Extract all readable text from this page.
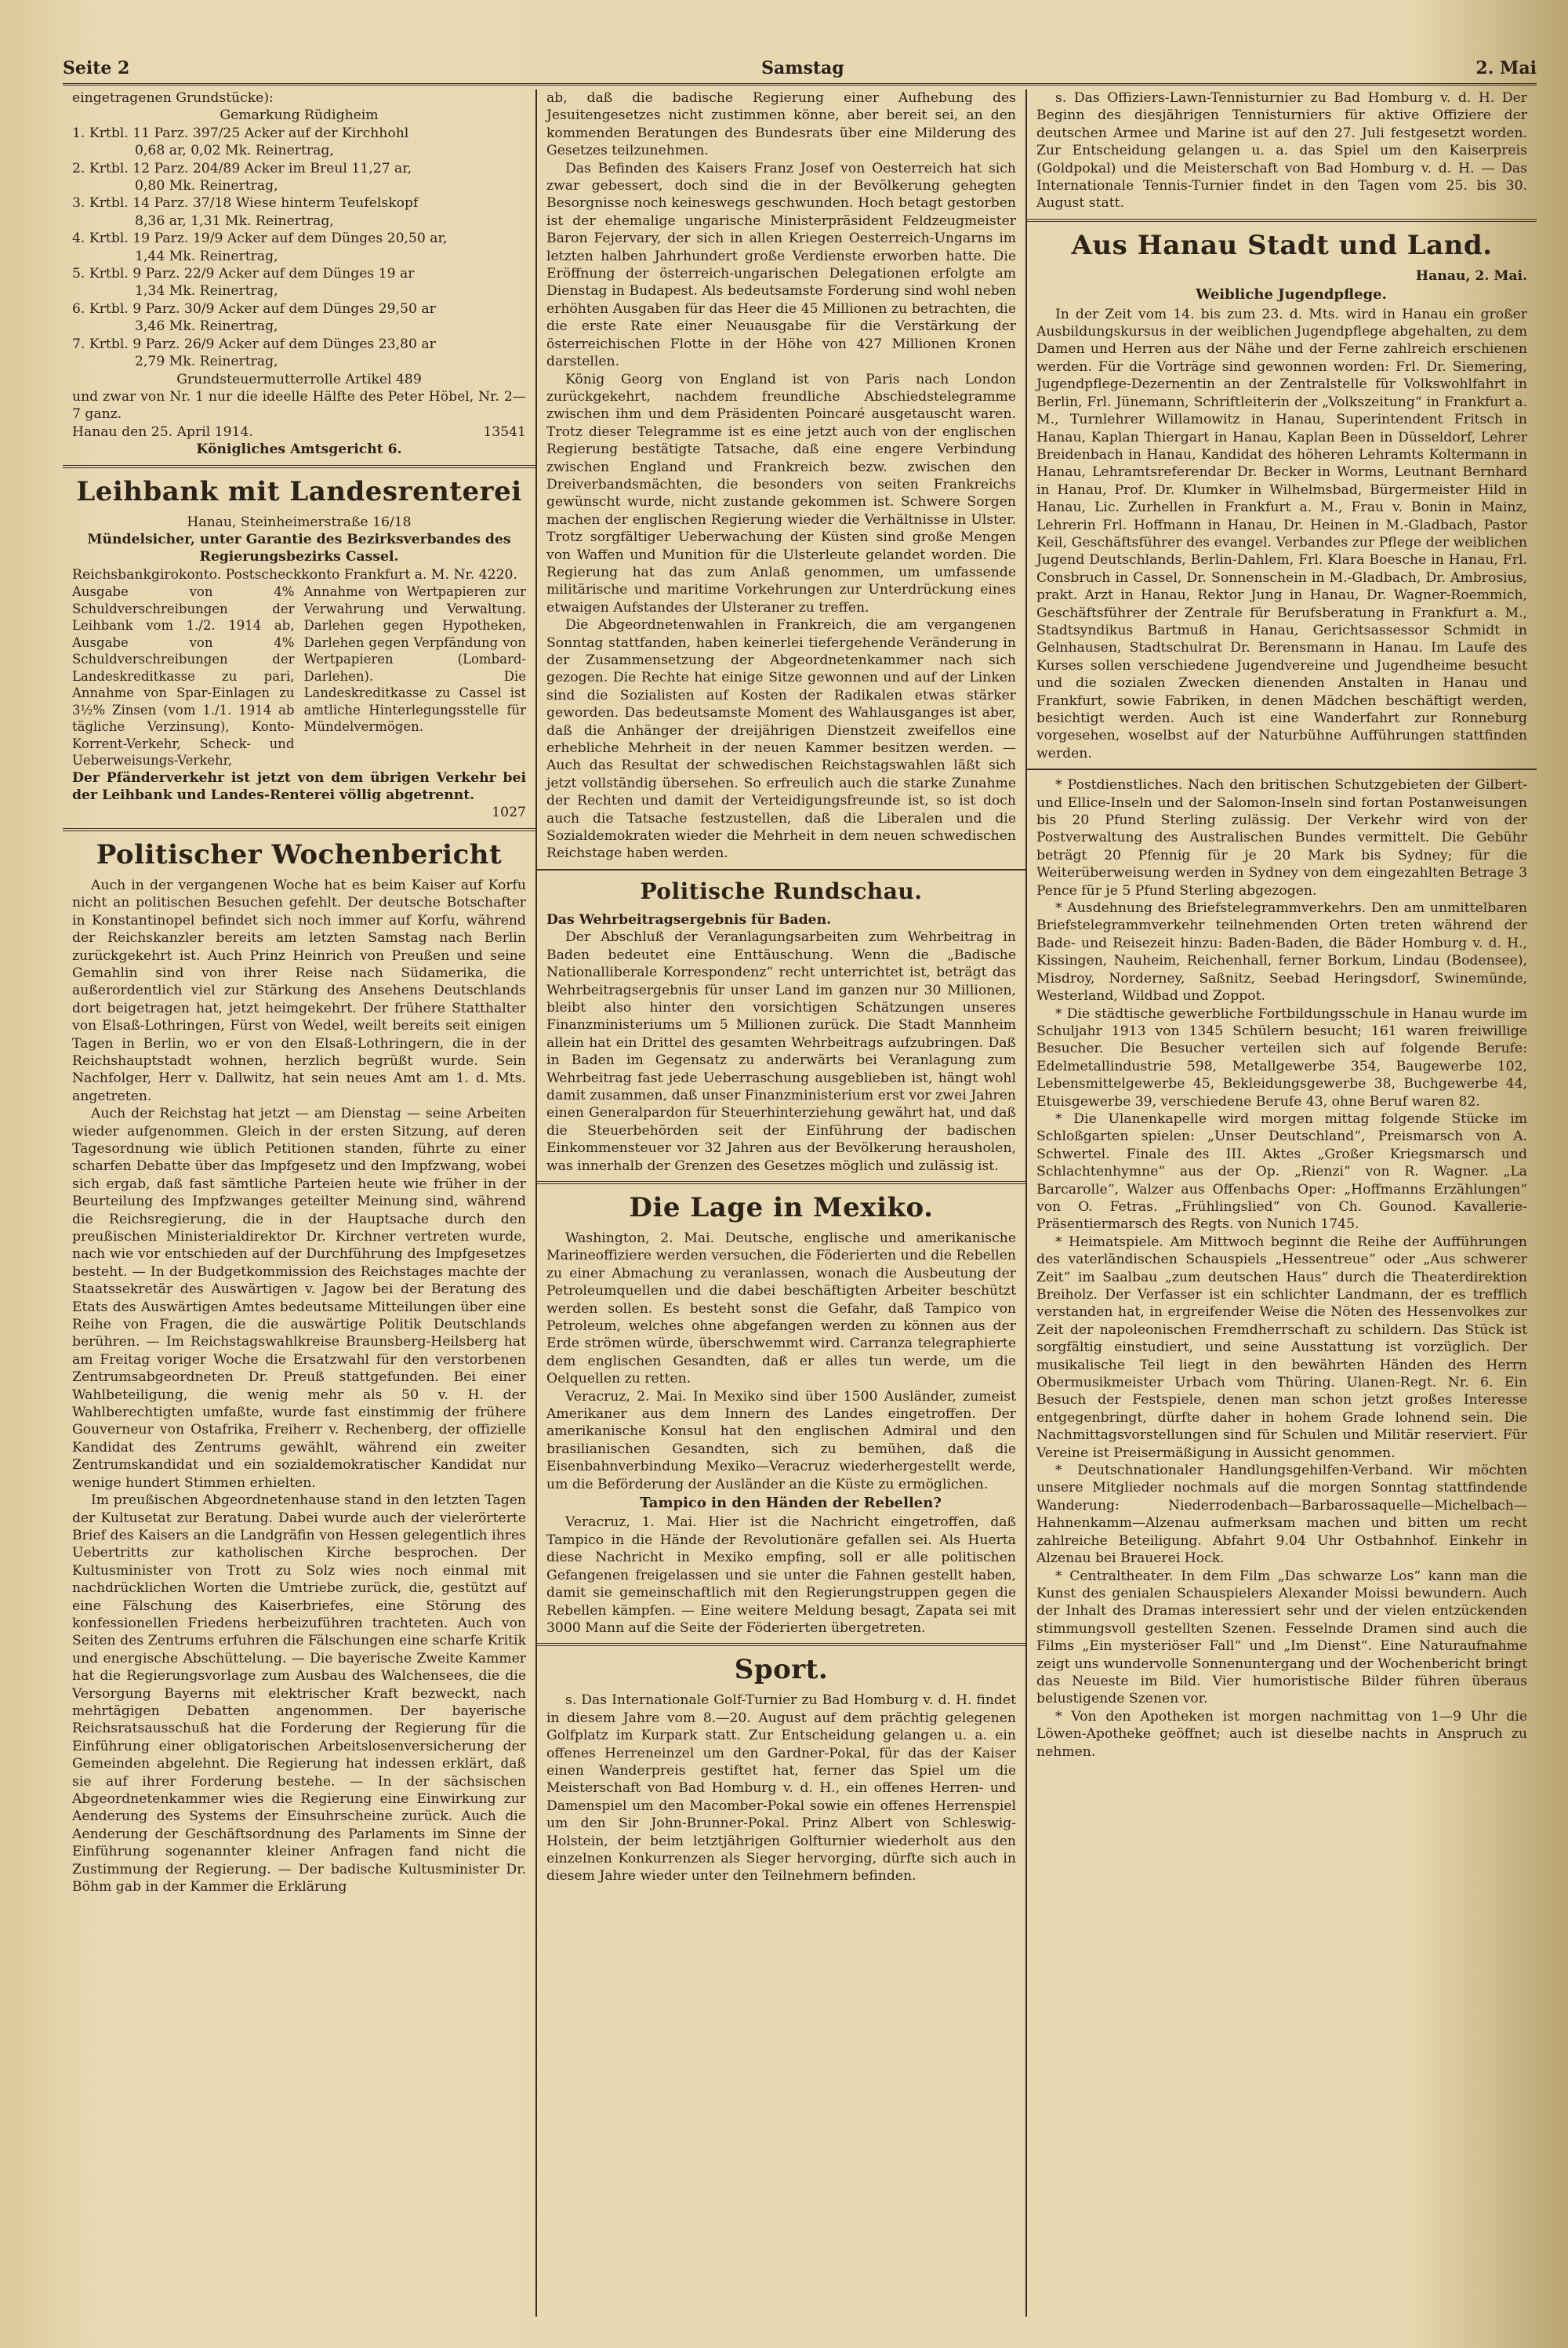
Seite 2	Samstag	2. Mai

eingetragenen Grundstücke):

Gemarkung Rüdigheim

1. Krtbl. 11 Parz. 397/25 Acker auf der Kirchhohl

0,68 ar, 0,02 Mk. Reinertrag,

2. Krtbl. 12 Parz. 204/89 Acker im Breul 11,27 ar,

0,80 Mk. Reinertrag,

3. Krtbl. 14 Parz. 37/18 Wiese hinterm Teufelskopf

8,36 ar, 1,31 Mk. Reinertrag,

4. Krtbl. 19 Parz. 19/9 Acker auf dem Dünges 20,50 ar,

1,44 Mk. Reinertrag,

5. Krtbl. 9 Parz. 22/9 Acker auf dem Dünges 19 ar

1,34 Mk. Reinertrag,

6. Krtbl. 9 Parz. 30/9 Acker auf dem Dünges 29,50 ar

3,46 Mk. Reinertrag,

7. Krtbl. 9 Parz. 26/9 Acker auf dem Dünges 23,80 ar

2,79 Mk. Reinertrag,

Grundsteuermutterrolle Artikel 489

und zwar von Nr. 1 nur die ideelle Hälfte des Peter Höbel, Nr. 2—7 ganz.

Hanau den 25. April 1914.	13541

Königliches Amtsgericht 6.

Leihbank mit Landesrenterei

Hanau, Steinheimerstraße 16/18

Mündelsicher, unter Garantie des Bezirksverbandes des Regierungsbezirks Cassel.

Reichsbankgirokonto. Postscheckkonto Frankfurt a. M. Nr. 4220.

Ausgabe von 4% Schuldverschreibungen der Leihbank vom 1./2. 1914 ab, Ausgabe von 4% Schuldverschreibungen der Landeskreditkasse zu pari, Annahme von Spar-Einlagen zu 3½% Zinsen (vom 1./1. 1914 ab tägliche Verzinsung), Konto-Korrent-Verkehr, Scheck- und Ueberweisungs-Verkehr,

Annahme von Wertpapieren zur Verwahrung und Verwaltung. Darlehen gegen Hypotheken, Darlehen gegen Verpfändung von Wertpapieren (Lombard-Darlehen). Die Landeskreditkasse zu Cassel ist amtliche Hinterlegungsstelle für Mündelvermögen.

Der Pfänderverkehr ist jetzt von dem übrigen Verkehr bei der Leihbank und Landes-Renterei völlig abgetrennt.

1027

Politischer Wochenbericht

Auch in der vergangenen Woche hat es beim Kaiser auf Korfu nicht an politischen Besuchen gefehlt. Der deutsche Botschafter in Konstantinopel befindet sich noch immer auf Korfu, während der Reichskanzler bereits am letzten Samstag nach Berlin zurückgekehrt ist. Auch Prinz Heinrich von Preußen und seine Gemahlin sind von ihrer Reise nach Südamerika, die außerordentlich viel zur Stärkung des Ansehens Deutschlands dort beigetragen hat, jetzt heimgekehrt. Der frühere Statthalter von Elsaß-Lothringen, Fürst von Wedel, weilt bereits seit einigen Tagen in Berlin, wo er von den Elsaß-Lothringern, die in der Reichshauptstadt wohnen, herzlich begrüßt wurde. Sein Nachfolger, Herr v. Dallwitz, hat sein neues Amt am 1. d. Mts. angetreten.

Auch der Reichstag hat jetzt — am Dienstag — seine Arbeiten wieder aufgenommen. Gleich in der ersten Sitzung, auf deren Tagesordnung wie üblich Petitionen standen, führte zu einer scharfen Debatte über das Impfgesetz und den Impfzwang, wobei sich ergab, daß fast sämtliche Parteien heute wie früher in der Beurteilung des Impfzwanges geteilter Meinung sind, während die Reichsregierung, die in der Hauptsache durch den preußischen Ministerialdirektor Dr. Kirchner vertreten wurde, nach wie vor entschieden auf der Durchführung des Impfgesetzes besteht. — In der Budgetkommission des Reichstages machte der Staatssekretär des Auswärtigen v. Jagow bei der Beratung des Etats des Auswärtigen Amtes bedeutsame Mitteilungen über eine Reihe von Fragen, die die auswärtige Politik Deutschlands berühren. — Im Reichstagswahlkreise Braunsberg-Heilsberg hat am Freitag voriger Woche die Ersatzwahl für den verstorbenen Zentrumsabgeordneten Dr. Preuß stattgefunden. Bei einer Wahlbeteiligung, die wenig mehr als 50 v. H. der Wahlberechtigten umfaßte, wurde fast einstimmig der frühere Gouverneur von Ostafrika, Freiherr v. Rechenberg, der offizielle Kandidat des Zentrums gewählt, während ein zweiter Zentrumskandidat und ein sozialdemokratischer Kandidat nur wenige hundert Stimmen erhielten.

Im preußischen Abgeordnetenhause stand in den letzten Tagen der Kultusetat zur Beratung. Dabei wurde auch der vielerörterte Brief des Kaisers an die Landgräfin von Hessen gelegentlich ihres Uebertritts zur katholischen Kirche besprochen. Der Kultusminister von Trott zu Solz wies noch einmal mit nachdrücklichen Worten die Umtriebe zurück, die, gestützt auf eine Fälschung des Kaiserbriefes, eine Störung des konfessionellen Friedens herbeizuführen trachteten. Auch von Seiten des Zentrums erfuhren die Fälschungen eine scharfe Kritik und energische Abschüttelung. — Die bayerische Zweite Kammer hat die Regierungsvorlage zum Ausbau des Walchensees, die die Versorgung Bayerns mit elektrischer Kraft bezweckt, nach mehrtägigen Debatten angenommen. Der bayerische Reichsratsausschuß hat die Forderung der Regierung für die Einführung einer obligatorischen Arbeitslosenversicherung der Gemeinden abgelehnt. Die Regierung hat indessen erklärt, daß sie auf ihrer Forderung bestehe. — In der sächsischen Abgeordnetenkammer wies die Regierung eine Einwirkung zur Aenderung des Systems der Einsuhrscheine zurück. Auch die Aenderung der Geschäftsordnung des Parlaments im Sinne der Einführung sogenannter kleiner Anfragen fand nicht die Zustimmung der Regierung. — Der badische Kultusminister Dr. Böhm gab in der Kammer die Erklärung

ab, daß die badische Regierung einer Aufhebung des Jesuitengesetzes nicht zustimmen könne, aber bereit sei, an den kommenden Beratungen des Bundesrats über eine Milderung des Gesetzes teilzunehmen.

Das Befinden des Kaisers Franz Josef von Oesterreich hat sich zwar gebessert, doch sind die in der Bevölkerung gehegten Besorgnisse noch keineswegs geschwunden. Hoch betagt gestorben ist der ehemalige ungarische Ministerpräsident Feldzeugmeister Baron Fejervary, der sich in allen Kriegen Oesterreich-Ungarns im letzten halben Jahrhundert große Verdienste erworben hatte. Die Eröffnung der österreich-ungarischen Delegationen erfolgte am Dienstag in Budapest. Als bedeutsamste Forderung sind wohl neben erhöhten Ausgaben für das Heer die 45 Millionen zu betrachten, die die erste Rate einer Neuausgabe für die Verstärkung der österreichischen Flotte in der Höhe von 427 Millionen Kronen darstellen.

König Georg von England ist von Paris nach London zurückgekehrt, nachdem freundliche Abschiedstelegramme zwischen ihm und dem Präsidenten Poincaré ausgetauscht waren. Trotz dieser Telegramme ist es eine jetzt auch von der englischen Regierung bestätigte Tatsache, daß eine engere Verbindung zwischen England und Frankreich bezw. zwischen den Dreiverbandsmächten, die besonders von seiten Frankreichs gewünscht wurde, nicht zustande gekommen ist. Schwere Sorgen machen der englischen Regierung wieder die Verhältnisse in Ulster. Trotz sorgfältiger Ueberwachung der Küsten sind große Mengen von Waffen und Munition für die Ulsterleute gelandet worden. Die Regierung hat das zum Anlaß genommen, um umfassende militärische und maritime Vorkehrungen zur Unterdrückung eines etwaigen Aufstandes der Ulsteraner zu treffen.

Die Abgeordnetenwahlen in Frankreich, die am vergangenen Sonntag stattfanden, haben keinerlei tiefergehende Veränderung in der Zusammensetzung der Abgeordnetenkammer nach sich gezogen. Die Rechte hat einige Sitze gewonnen und auf der Linken sind die Sozialisten auf Kosten der Radikalen etwas stärker geworden. Das bedeutsamste Moment des Wahlausganges ist aber, daß die Anhänger der dreijährigen Dienstzeit zweifellos eine erhebliche Mehrheit in der neuen Kammer besitzen werden. — Auch das Resultat der schwedischen Reichstagswahlen läßt sich jetzt vollständig übersehen. So erfreulich auch die starke Zunahme der Rechten und damit der Verteidigungsfreunde ist, so ist doch auch die Tatsache festzustellen, daß die Liberalen und die Sozialdemokraten wieder die Mehrheit in dem neuen schwedischen Reichstage haben werden.

Politische Rundschau.

Das Wehrbeitragsergebnis für Baden.

Der Abschluß der Veranlagungsarbeiten zum Wehrbeitrag in Baden bedeutet eine Enttäuschung. Wenn die „Badische Nationalliberale Korrespondenz“ recht unterrichtet ist, beträgt das Wehrbeitragsergebnis für unser Land im ganzen nur 30 Millionen, bleibt also hinter den vorsichtigen Schätzungen unseres Finanzministeriums um 5 Millionen zurück. Die Stadt Mannheim allein hat ein Drittel des gesamten Wehrbeitrags aufzubringen. Daß in Baden im Gegensatz zu anderwärts bei Veranlagung zum Wehrbeitrag fast jede Ueberraschung ausgeblieben ist, hängt wohl damit zusammen, daß unser Finanzministerium erst vor zwei Jahren einen Generalpardon für Steuerhinterziehung gewährt hat, und daß die Steuerbehörden seit der Einführung der badischen Einkommensteuer vor 32 Jahren aus der Bevölkerung herausholen, was innerhalb der Grenzen des Gesetzes möglich und zulässig ist.

Die Lage in Mexiko.

Washington, 2. Mai. Deutsche, englische und amerikanische Marineoffiziere werden versuchen, die Föderierten und die Rebellen zu einer Abmachung zu veranlassen, wonach die Ausbeutung der Petroleumquellen und die dabei beschäftigten Arbeiter beschützt werden sollen. Es besteht sonst die Gefahr, daß Tampico von Petroleum, welches ohne abgefangen werden zu können aus der Erde strömen würde, überschwemmt wird. Carranza telegraphierte dem englischen Gesandten, daß er alles tun werde, um die Oelquellen zu retten.

Veracruz, 2. Mai. In Mexiko sind über 1500 Ausländer, zumeist Amerikaner aus dem Innern des Landes eingetroffen. Der amerikanische Konsul hat den englischen Admiral und den brasilianischen Gesandten, sich zu bemühen, daß die Eisenbahnverbindung Mexiko—Veracruz wiederhergestellt werde, um die Beförderung der Ausländer an die Küste zu ermöglichen.

Tampico in den Händen der Rebellen?

Veracruz, 1. Mai. Hier ist die Nachricht eingetroffen, daß Tampico in die Hände der Revolutionäre gefallen sei. Als Huerta diese Nachricht in Mexiko empfing, soll er alle politischen Gefangenen freigelassen und sie unter die Fahnen gestellt haben, damit sie gemeinschaftlich mit den Regierungstruppen gegen die Rebellen kämpfen. — Eine weitere Meldung besagt, Zapata sei mit 3000 Mann auf die Seite der Föderierten übergetreten.

Sport.

s. Das Internationale Golf-Turnier zu Bad Homburg v. d. H. findet in diesem Jahre vom 8.—20. August auf dem prächtig gelegenen Golfplatz im Kurpark statt. Zur Entscheidung gelangen u. a. ein offenes Herreneinzel um den Gardner-Pokal, für das der Kaiser einen Wanderpreis gestiftet hat, ferner das Spiel um die Meisterschaft von Bad Homburg v. d. H., ein offenes Herren- und Damenspiel um den Macomber-Pokal sowie ein offenes Herrenspiel um den Sir John-Brunner-Pokal. Prinz Albert von Schleswig-Holstein, der beim letztjährigen Golfturnier wiederholt aus den einzelnen Konkurrenzen als Sieger hervorging, dürfte sich auch in diesem Jahre wieder unter den Teilnehmern befinden.

s. Das Offiziers-Lawn-Tennisturnier zu Bad Homburg v. d. H. Der Beginn des diesjährigen Tennisturniers für aktive Offiziere der deutschen Armee und Marine ist auf den 27. Juli festgesetzt worden. Zur Entscheidung gelangen u. a. das Spiel um den Kaiserpreis (Goldpokal) und die Meisterschaft von Bad Homburg v. d. H. — Das Internationale Tennis-Turnier findet in den Tagen vom 25. bis 30. August statt.

Aus Hanau Stadt und Land.

Hanau, 2. Mai.

Weibliche Jugendpflege.

In der Zeit vom 14. bis zum 23. d. Mts. wird in Hanau ein großer Ausbildungskursus in der weiblichen Jugendpflege abgehalten, zu dem Damen und Herren aus der Nähe und der Ferne zahlreich erschienen werden. Für die Vorträge sind gewonnen worden: Frl. Dr. Siemering, Jugendpflege-Dezernentin an der Zentralstelle für Volkswohlfahrt in Berlin, Frl. Jünemann, Schriftleiterin der „Volkszeitung“ in Frankfurt a. M., Turnlehrer Willamowitz in Hanau, Superintendent Fritsch in Hanau, Kaplan Thiergart in Hanau, Kaplan Been in Düsseldorf, Lehrer Breidenbach in Hanau, Kandidat des höheren Lehramts Koltermann in Hanau, Lehramtsreferendar Dr. Becker in Worms, Leutnant Bernhard in Hanau, Prof. Dr. Klumker in Wilhelmsbad, Bürgermeister Hild in Hanau, Lic. Zurhellen in Frankfurt a. M., Frau v. Bonin in Mainz, Lehrerin Frl. Hoffmann in Hanau, Dr. Heinen in M.-Gladbach, Pastor Keil, Geschäftsführer des evangel. Verbandes zur Pflege der weiblichen Jugend Deutschlands, Berlin-Dahlem, Frl. Klara Boesche in Hanau, Frl. Consbruch in Cassel, Dr. Sonnenschein in M.-Gladbach, Dr. Ambrosius, prakt. Arzt in Hanau, Rektor Jung in Hanau, Dr. Wagner-Roemmich, Geschäftsführer der Zentrale für Berufsberatung in Frankfurt a. M., Stadtsyndikus Bartmuß in Hanau, Gerichtsassessor Schmidt in Gelnhausen, Stadtschulrat Dr. Berensmann in Hanau. Im Laufe des Kurses sollen verschiedene Jugendvereine und Jugendheime besucht und die sozialen Zwecken dienenden Anstalten in Hanau und Frankfurt, sowie Fabriken, in denen Mädchen beschäftigt werden, besichtigt werden. Auch ist eine Wanderfahrt zur Ronneburg vorgesehen, woselbst auf der Naturbühne Aufführungen stattfinden werden.

* Postdienstliches. Nach den britischen Schutzgebieten der Gilbert- und Ellice-Inseln und der Salomon-Inseln sind fortan Postanweisungen bis 20 Pfund Sterling zulässig. Der Verkehr wird von der Postverwaltung des Australischen Bundes vermittelt. Die Gebühr beträgt 20 Pfennig für je 20 Mark bis Sydney; für die Weiterüberweisung werden in Sydney von dem eingezahlten Betrage 3 Pence für je 5 Pfund Sterling abgezogen.

* Ausdehnung des Briefstelegrammverkehrs. Den am unmittelbaren Briefstelegrammverkehr teilnehmenden Orten treten während der Bade- und Reisezeit hinzu: Baden-Baden, die Bäder Homburg v. d. H., Kissingen, Nauheim, Reichenhall, ferner Borkum, Lindau (Bodensee), Misdroy, Norderney, Saßnitz, Seebad Heringsdorf, Swinemünde, Westerland, Wildbad und Zoppot.

* Die städtische gewerbliche Fortbildungsschule in Hanau wurde im Schuljahr 1913 von 1345 Schülern besucht; 161 waren freiwillige Besucher. Die Besucher verteilen sich auf folgende Berufe: Edelmetallindustrie 598, Metallgewerbe 354, Baugewerbe 102, Lebensmittelgewerbe 45, Bekleidungsgewerbe 38, Buchgewerbe 44, Etuisgewerbe 39, verschiedene Berufe 43, ohne Beruf waren 82.

* Die Ulanenkapelle wird morgen mittag folgende Stücke im Schloßgarten spielen: „Unser Deutschland“, Preismarsch von A. Schwertel. Finale des III. Aktes „Großer Kriegsmarsch und Schlachtenhymne“ aus der Op. „Rienzi“ von R. Wagner. „La Barcarolle“, Walzer aus Offenbachs Oper: „Hoffmanns Erzählungen“ von O. Fetras. „Frühlingslied“ von Ch. Gounod. Kavallerie-Präsentiermarsch des Regts. von Nunich 1745.

* Heimatspiele. Am Mittwoch beginnt die Reihe der Aufführungen des vaterländischen Schauspiels „Hessentreue“ oder „Aus schwerer Zeit“ im Saalbau „zum deutschen Haus“ durch die Theaterdirektion Breiholz. Der Verfasser ist ein schlichter Landmann, der es trefflich verstanden hat, in ergreifender Weise die Nöten des Hessenvolkes zur Zeit der napoleonischen Fremdherrschaft zu schildern. Das Stück ist sorgfältig einstudiert, und seine Ausstattung ist vorzüglich. Der musikalische Teil liegt in den bewährten Händen des Herrn Obermusikmeister Urbach vom Thüring. Ulanen-Regt. Nr. 6. Ein Besuch der Festspiele, denen man schon jetzt großes Interesse entgegenbringt, dürfte daher in hohem Grade lohnend sein. Die Nachmittagsvorstellungen sind für Schulen und Militär reserviert. Für Vereine ist Preisermäßigung in Aussicht genommen.

* Deutschnationaler Handlungsgehilfen-Verband. Wir möchten unsere Mitglieder nochmals auf die morgen Sonntag stattfindende Wanderung: Niederrodenbach—Barbarossaquelle—Michelbach—Hahnenkamm—Alzenau aufmerksam machen und bitten um recht zahlreiche Beteiligung. Abfahrt 9.04 Uhr Ostbahnhof. Einkehr in Alzenau bei Brauerei Hock.

* Centraltheater. In dem Film „Das schwarze Los“ kann man die Kunst des genialen Schauspielers Alexander Moissi bewundern. Auch der Inhalt des Dramas interessiert sehr und der vielen entzückenden stimmungsvoll gestellten Szenen. Fesselnde Dramen sind auch die Films „Ein mysteriöser Fall“ und „Im Dienst“. Eine Naturaufnahme zeigt uns wundervolle Sonnenuntergang und der Wochenbericht bringt das Neueste im Bild. Vier humoristische Bilder führen überaus belustigende Szenen vor.

* Von den Apotheken ist morgen nachmittag von 1—9 Uhr die Löwen-Apotheke geöffnet; auch ist dieselbe nachts in Anspruch zu nehmen.
